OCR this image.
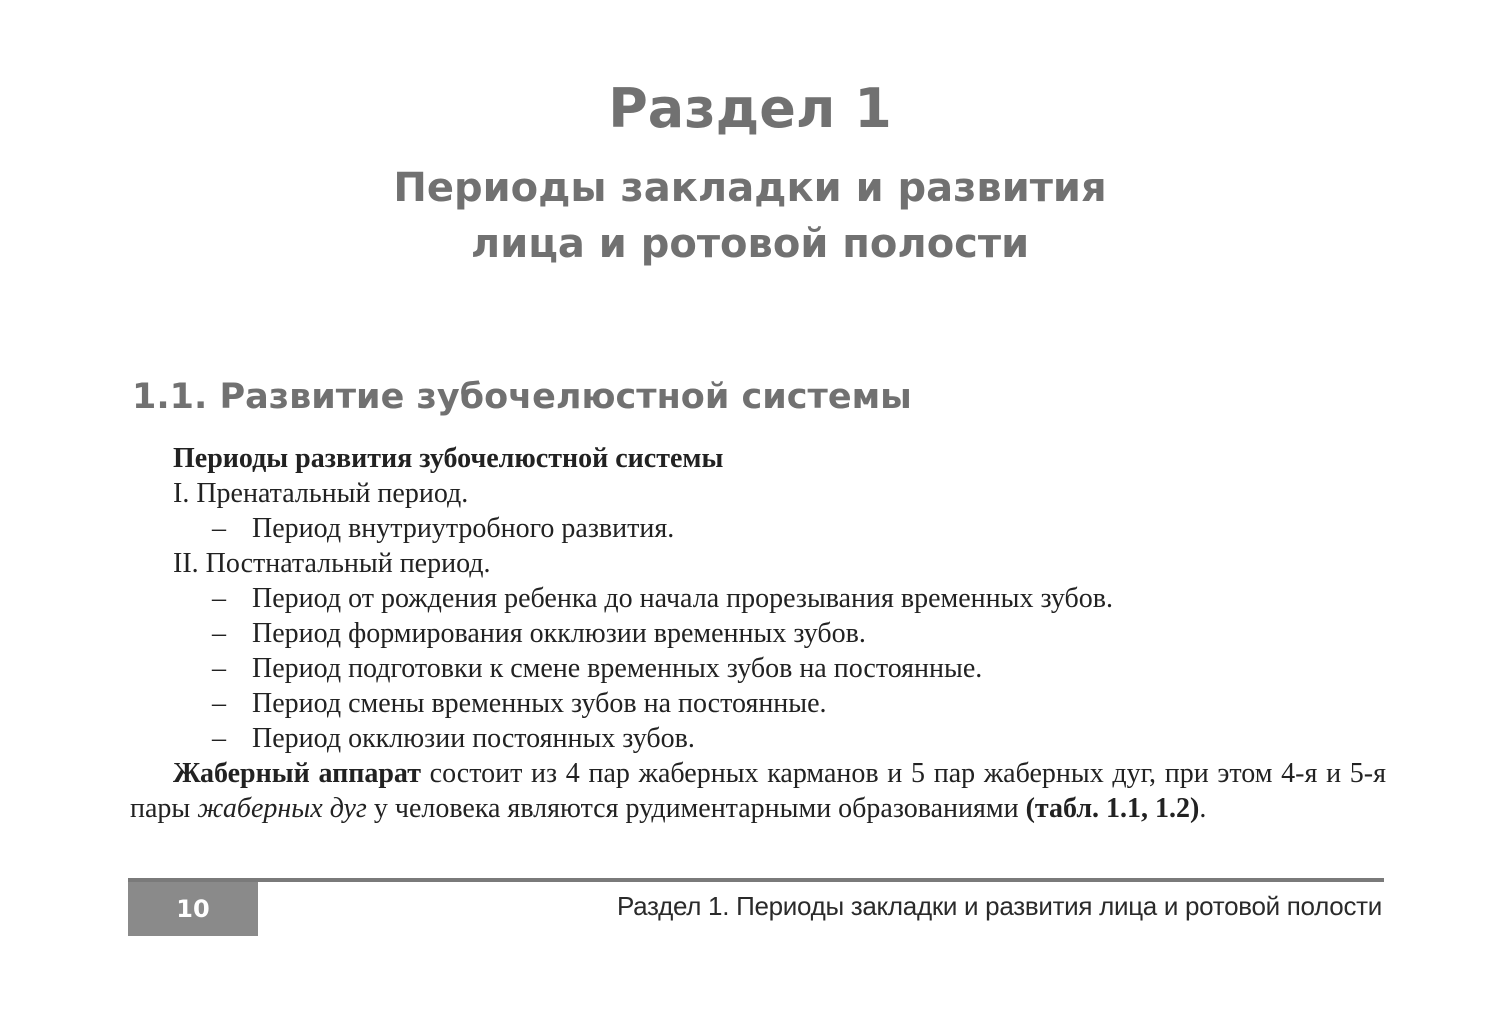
Раздел 1
Периоды закладки и развития
лица и ротовой полости
1.1. Развитие зубочелюстной системы

Периоды развития зубочелюстной системы

I. Пренатальный период.

– Период внутриутробного развития.

II. Постнатальный период.

– Период от рождения ребенка до начала прорезывания временных зубов.

– Период формирования окклюзии временных зубов.

– Период подготовки к смене временных зубов на постоянные.

– Период смены временных зубов на постоянные.

– Период окклюзии постоянных зубов.

Жаберный аппарат состоит из 4 пар жаберных карманов и 5 пар жаберных дуг, при этом 4-я и 5-я пары жаберных дуг у человека являются рудиментарными образованиями (табл. 1.1, 1.2).

10	Раздел 1. Периоды закладки и развития лица и ротовой полости
